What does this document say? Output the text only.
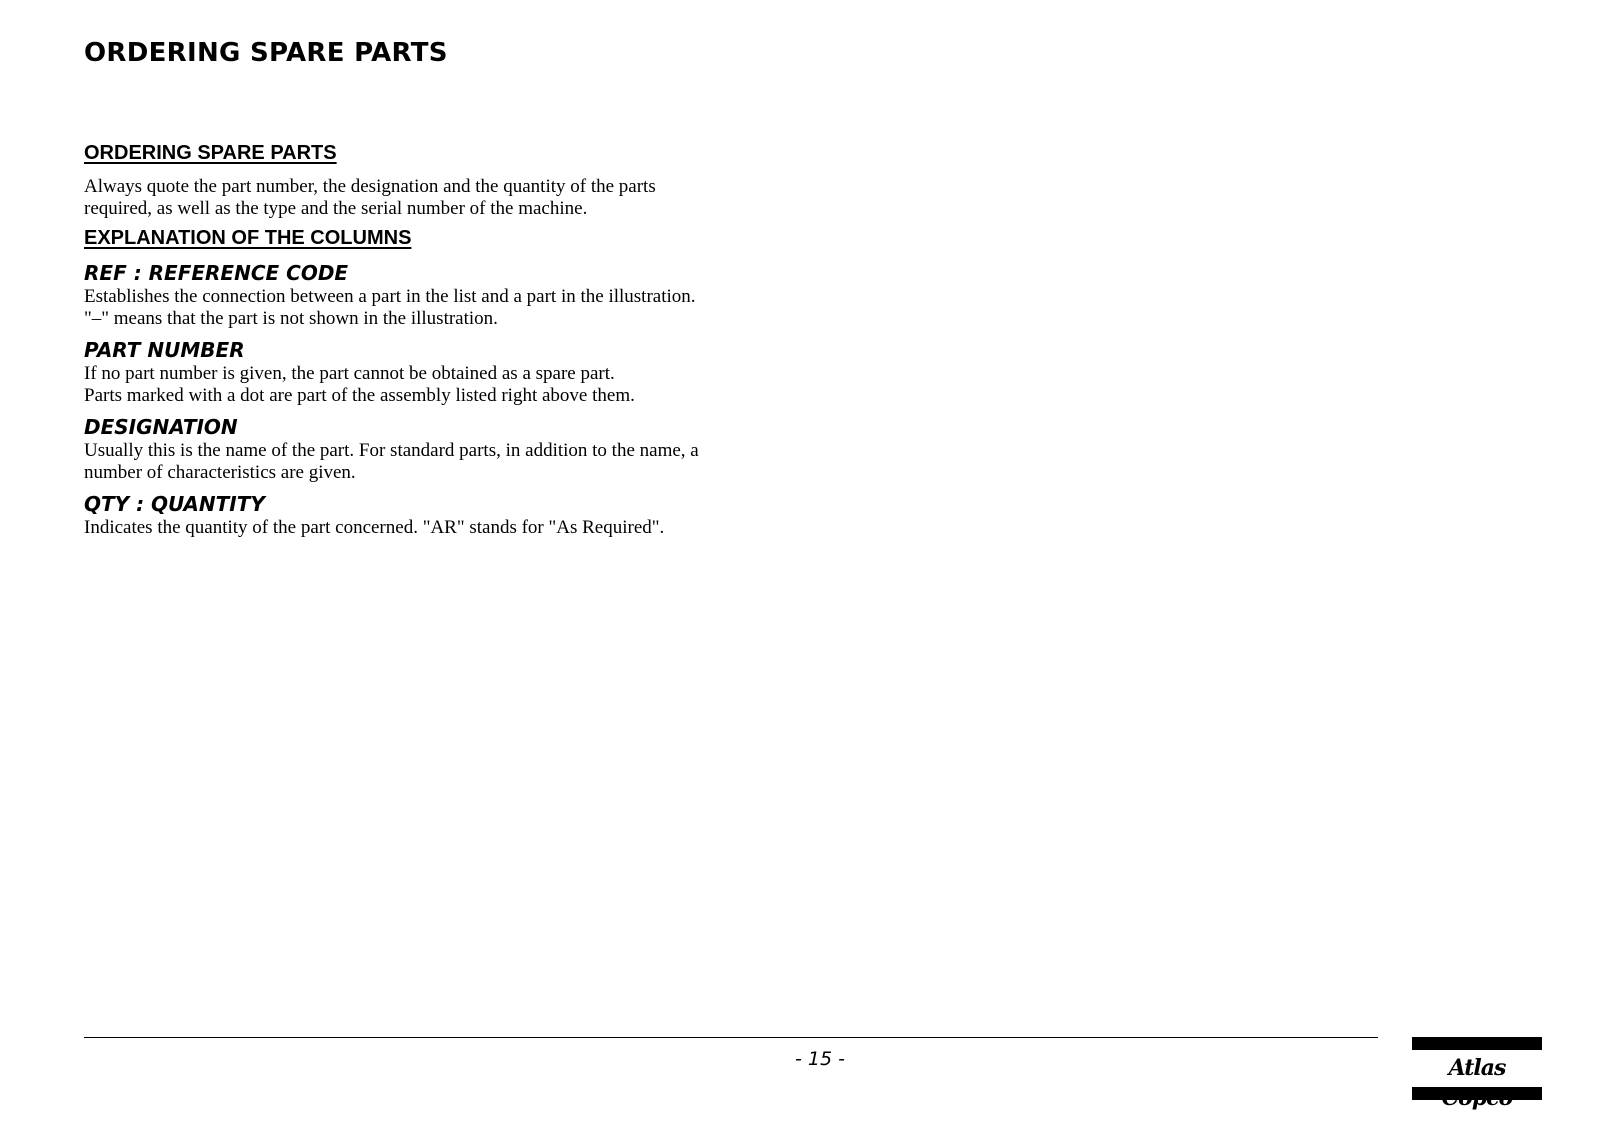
ORDERING SPARE PARTS
ORDERING SPARE PARTS

Always quote the part number, the designation and the quantity of the parts
required, as well as the type and the serial number of the machine.

EXPLANATION OF THE COLUMNS
REF : REFERENCE CODE

Establishes the connection between a part in the list and a part in the illustration.
"–" means that the part is not shown in the illustration.

PART NUMBER

If no part number is given, the part cannot be obtained as a spare part.
Parts marked with a dot are part of the assembly listed right above them.

DESIGNATION

Usually this is the name of the part. For standard parts, in addition to the name, a
number of characteristics are given.

QTY : QUANTITY

Indicates the quantity of the part concerned. "AR" stands for "As Required".

- 15 -	Atlas
